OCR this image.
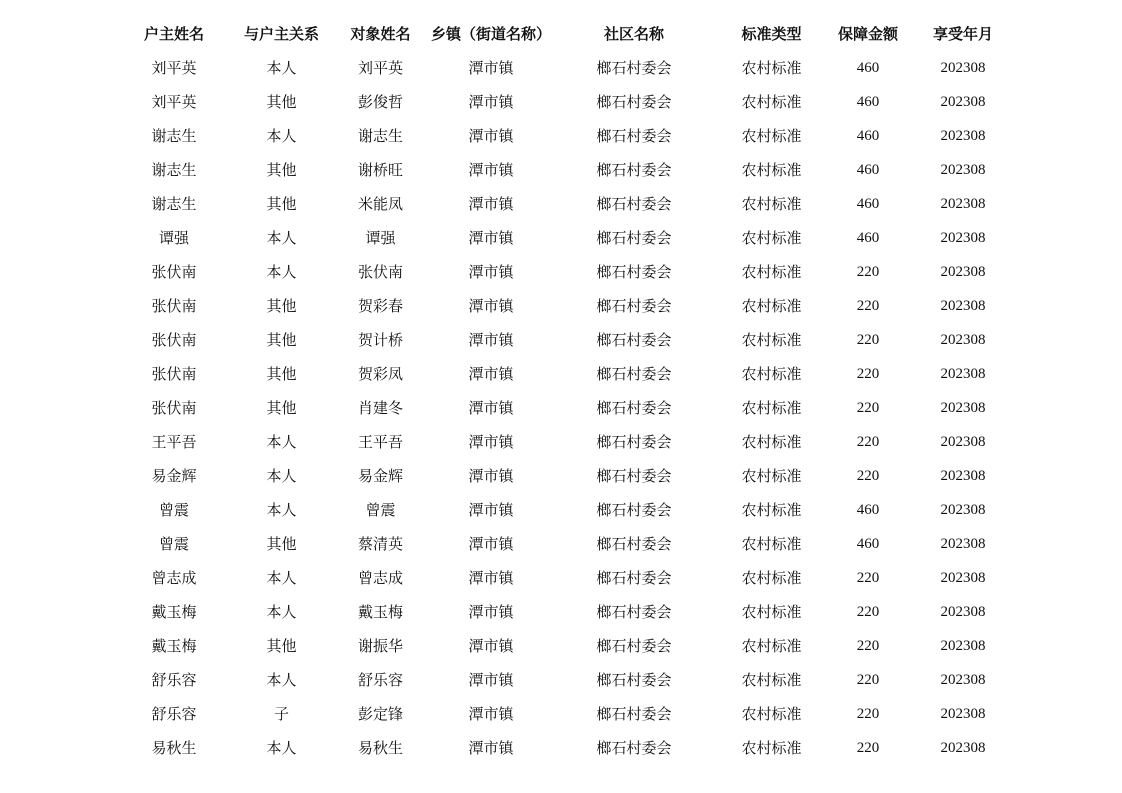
户主姓名	与户主关系	对象姓名	乡镇（街道名称）	社区名称	标准类型	保障金额	享受年月
刘平英	本人	刘平英	潭市镇	榔石村委会	农村标准	460	202308
刘平英	其他	彭俊哲	潭市镇	榔石村委会	农村标准	460	202308
谢志生	本人	谢志生	潭市镇	榔石村委会	农村标准	460	202308
谢志生	其他	谢桥旺	潭市镇	榔石村委会	农村标准	460	202308
谢志生	其他	米能凤	潭市镇	榔石村委会	农村标准	460	202308
谭强	本人	谭强	潭市镇	榔石村委会	农村标准	460	202308
张伏南	本人	张伏南	潭市镇	榔石村委会	农村标准	220	202308
张伏南	其他	贺彩春	潭市镇	榔石村委会	农村标准	220	202308
张伏南	其他	贺计桥	潭市镇	榔石村委会	农村标准	220	202308
张伏南	其他	贺彩凤	潭市镇	榔石村委会	农村标准	220	202308
张伏南	其他	肖建冬	潭市镇	榔石村委会	农村标准	220	202308
王平吾	本人	王平吾	潭市镇	榔石村委会	农村标准	220	202308
易金辉	本人	易金辉	潭市镇	榔石村委会	农村标准	220	202308
曾震	本人	曾震	潭市镇	榔石村委会	农村标准	460	202308
曾震	其他	蔡清英	潭市镇	榔石村委会	农村标准	460	202308
曾志成	本人	曾志成	潭市镇	榔石村委会	农村标准	220	202308
戴玉梅	本人	戴玉梅	潭市镇	榔石村委会	农村标准	220	202308
戴玉梅	其他	谢振华	潭市镇	榔石村委会	农村标准	220	202308
舒乐容	本人	舒乐容	潭市镇	榔石村委会	农村标准	220	202308
舒乐容	子	彭定锋	潭市镇	榔石村委会	农村标准	220	202308
易秋生	本人	易秋生	潭市镇	榔石村委会	农村标准	220	202308
